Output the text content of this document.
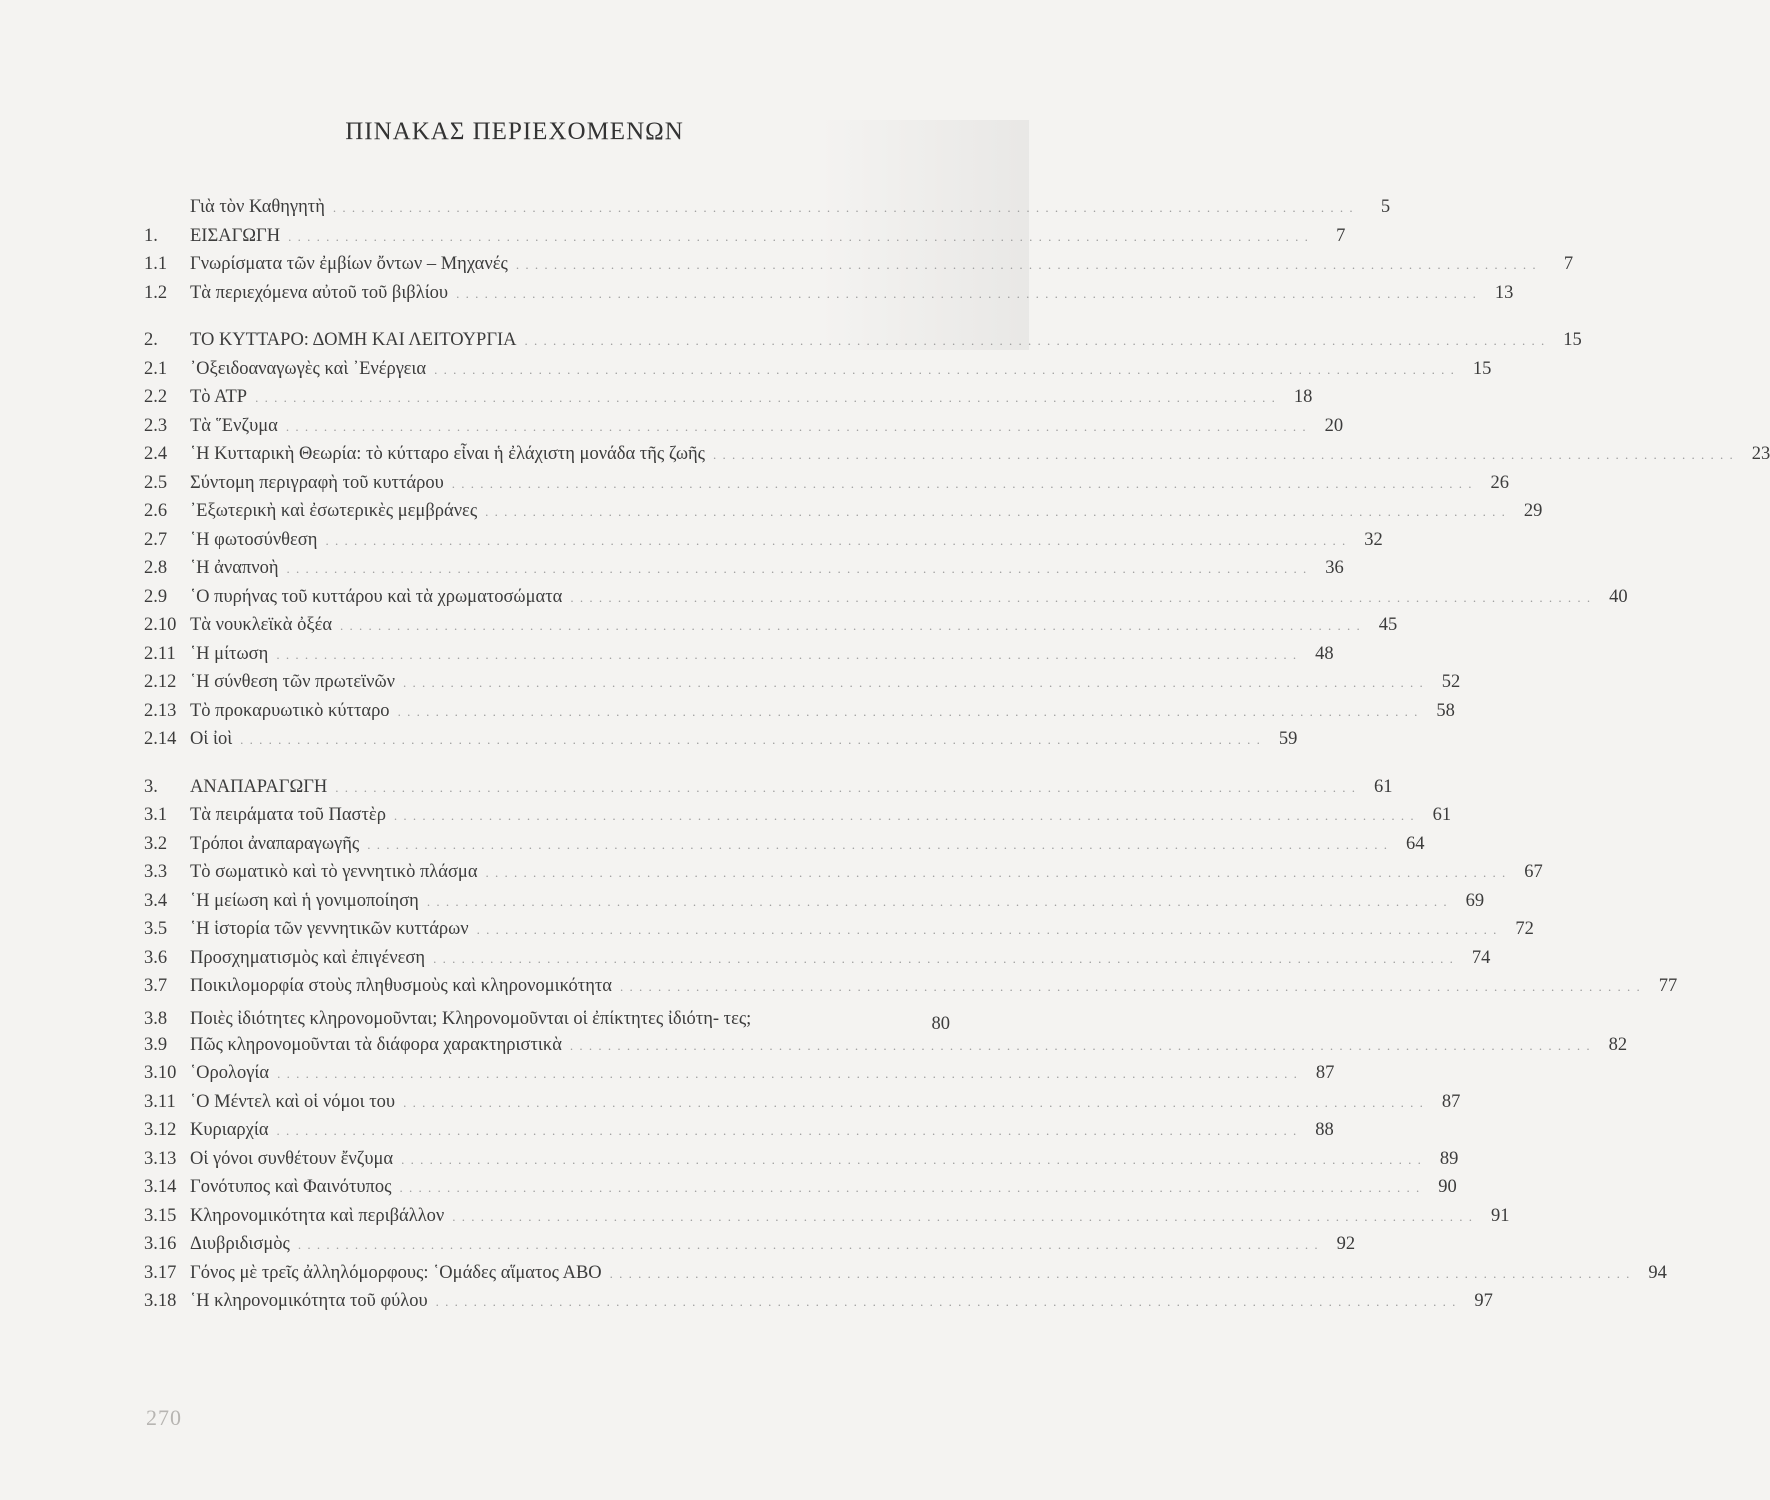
ΠΙΝΑΚΑΣ ΠΕΡΙΕΧΟΜΕΝΩΝ
Γιὰ τὸν Καθηγητὴ . . .	5
1.	ΕΙΣΑΓΩΓΗ . . .	7
1.1	Γνωρίσματα τῶν ἐμβίων ὄντων – Μηχανές . . .	7
1.2	Τὰ περιεχόμενα αὐτοῦ τοῦ βιβλίου . . .	13
2.	ΤΟ ΚΥΤΤΑΡΟ: ΔΟΜΗ ΚΑΙ ΛΕΙΤΟΥΡΓΙΑ . . .	15
2.1	᾿Οξειδοαναγωγὲς καὶ ᾿Ενέργεια . . .	15
2.2	Τὸ ΑΤΡ . . .	18
2.3	Τὰ ῞Ενζυμα . . .	20
2.4	῾Η Κυτταρικὴ Θεωρία: τὸ κύτταρο εἶναι ἡ ἐλάχιστη μονάδα τῆς ζωῆς . . .	23
2.5	Σύντομη περιγραφὴ τοῦ κυττάρου . . .	26
2.6	᾿Εξωτερικὴ καὶ ἐσωτερικὲς μεμβράνες . . .	29
2.7	῾Η φωτοσύνθεση . . .	32
2.8	῾Η ἀναπνοὴ . . .	36
2.9	῾Ο πυρήνας τοῦ κυττάρου καὶ τὰ χρωματοσώματα . . .	40
2.10 Τὰ νουκλεϊκὰ ὀξέα . . .	45
2.11 ῾Η μίτωση . . .	48
2.12 ῾Η σύνθεση τῶν πρωτεϊνῶν . . .	52
2.13 Τὸ προκαρυωτικὸ κύτταρο . . .	58
2.14 Οἱ ἰοὶ . . .	59
3.	ΑΝΑΠΑΡΑΓΩΓΗ . . .	61
3.1	Τὰ πειράματα τοῦ Παστὲρ . . .	61
3.2	Τρόποι ἀναπαραγωγῆς . . .	64
3.3	Τὸ σωματικὸ καὶ τὸ γεννητικὸ πλάσμα . . .	67
3.4	῾Η μείωση καὶ ἡ γονιμοποίηση . . .	69
3.5	῾Η ἱστορία τῶν γεννητικῶν κυττάρων . . .	72
3.6	Προσχηματισμὸς καὶ ἐπιγένεση . . .	74
3.7	Ποικιλομορφία στοὺς πληθυσμοὺς καὶ κληρονομικότητα . . .	77
3.8	Ποιὲς ἰδιότητες κληρονομοῦνται; Κληρονομοῦνται οἱ ἐπίκτητες ἰδιότη- τες;	80
3.9	Πῶς κληρονομοῦνται τὰ διάφορα χαρακτηριστικὰ . . .	82
3.10 ῾Ορολογία . . .	87
3.11 ῾Ο Μέντελ καὶ οἱ νόμοι του . . .	87
3.12 Κυριαρχία . . .	88
3.13 Οἱ γόνοι συνθέτουν ἔνζυμα . . .	89
3.14 Γονότυπος καὶ Φαινότυπος . . .	90
3.15 Κληρονομικότητα καὶ περιβάλλον . . .	91
3.16 Διυβριδισμὸς . . .	92
3.17 Γόνος μὲ τρεῖς ἀλληλόμορφους: ῾Ομάδες αἵματος ΑΒΟ . . .	94
3.18 ῾Η κληρονομικότητα τοῦ φύλου . . .	97
270
